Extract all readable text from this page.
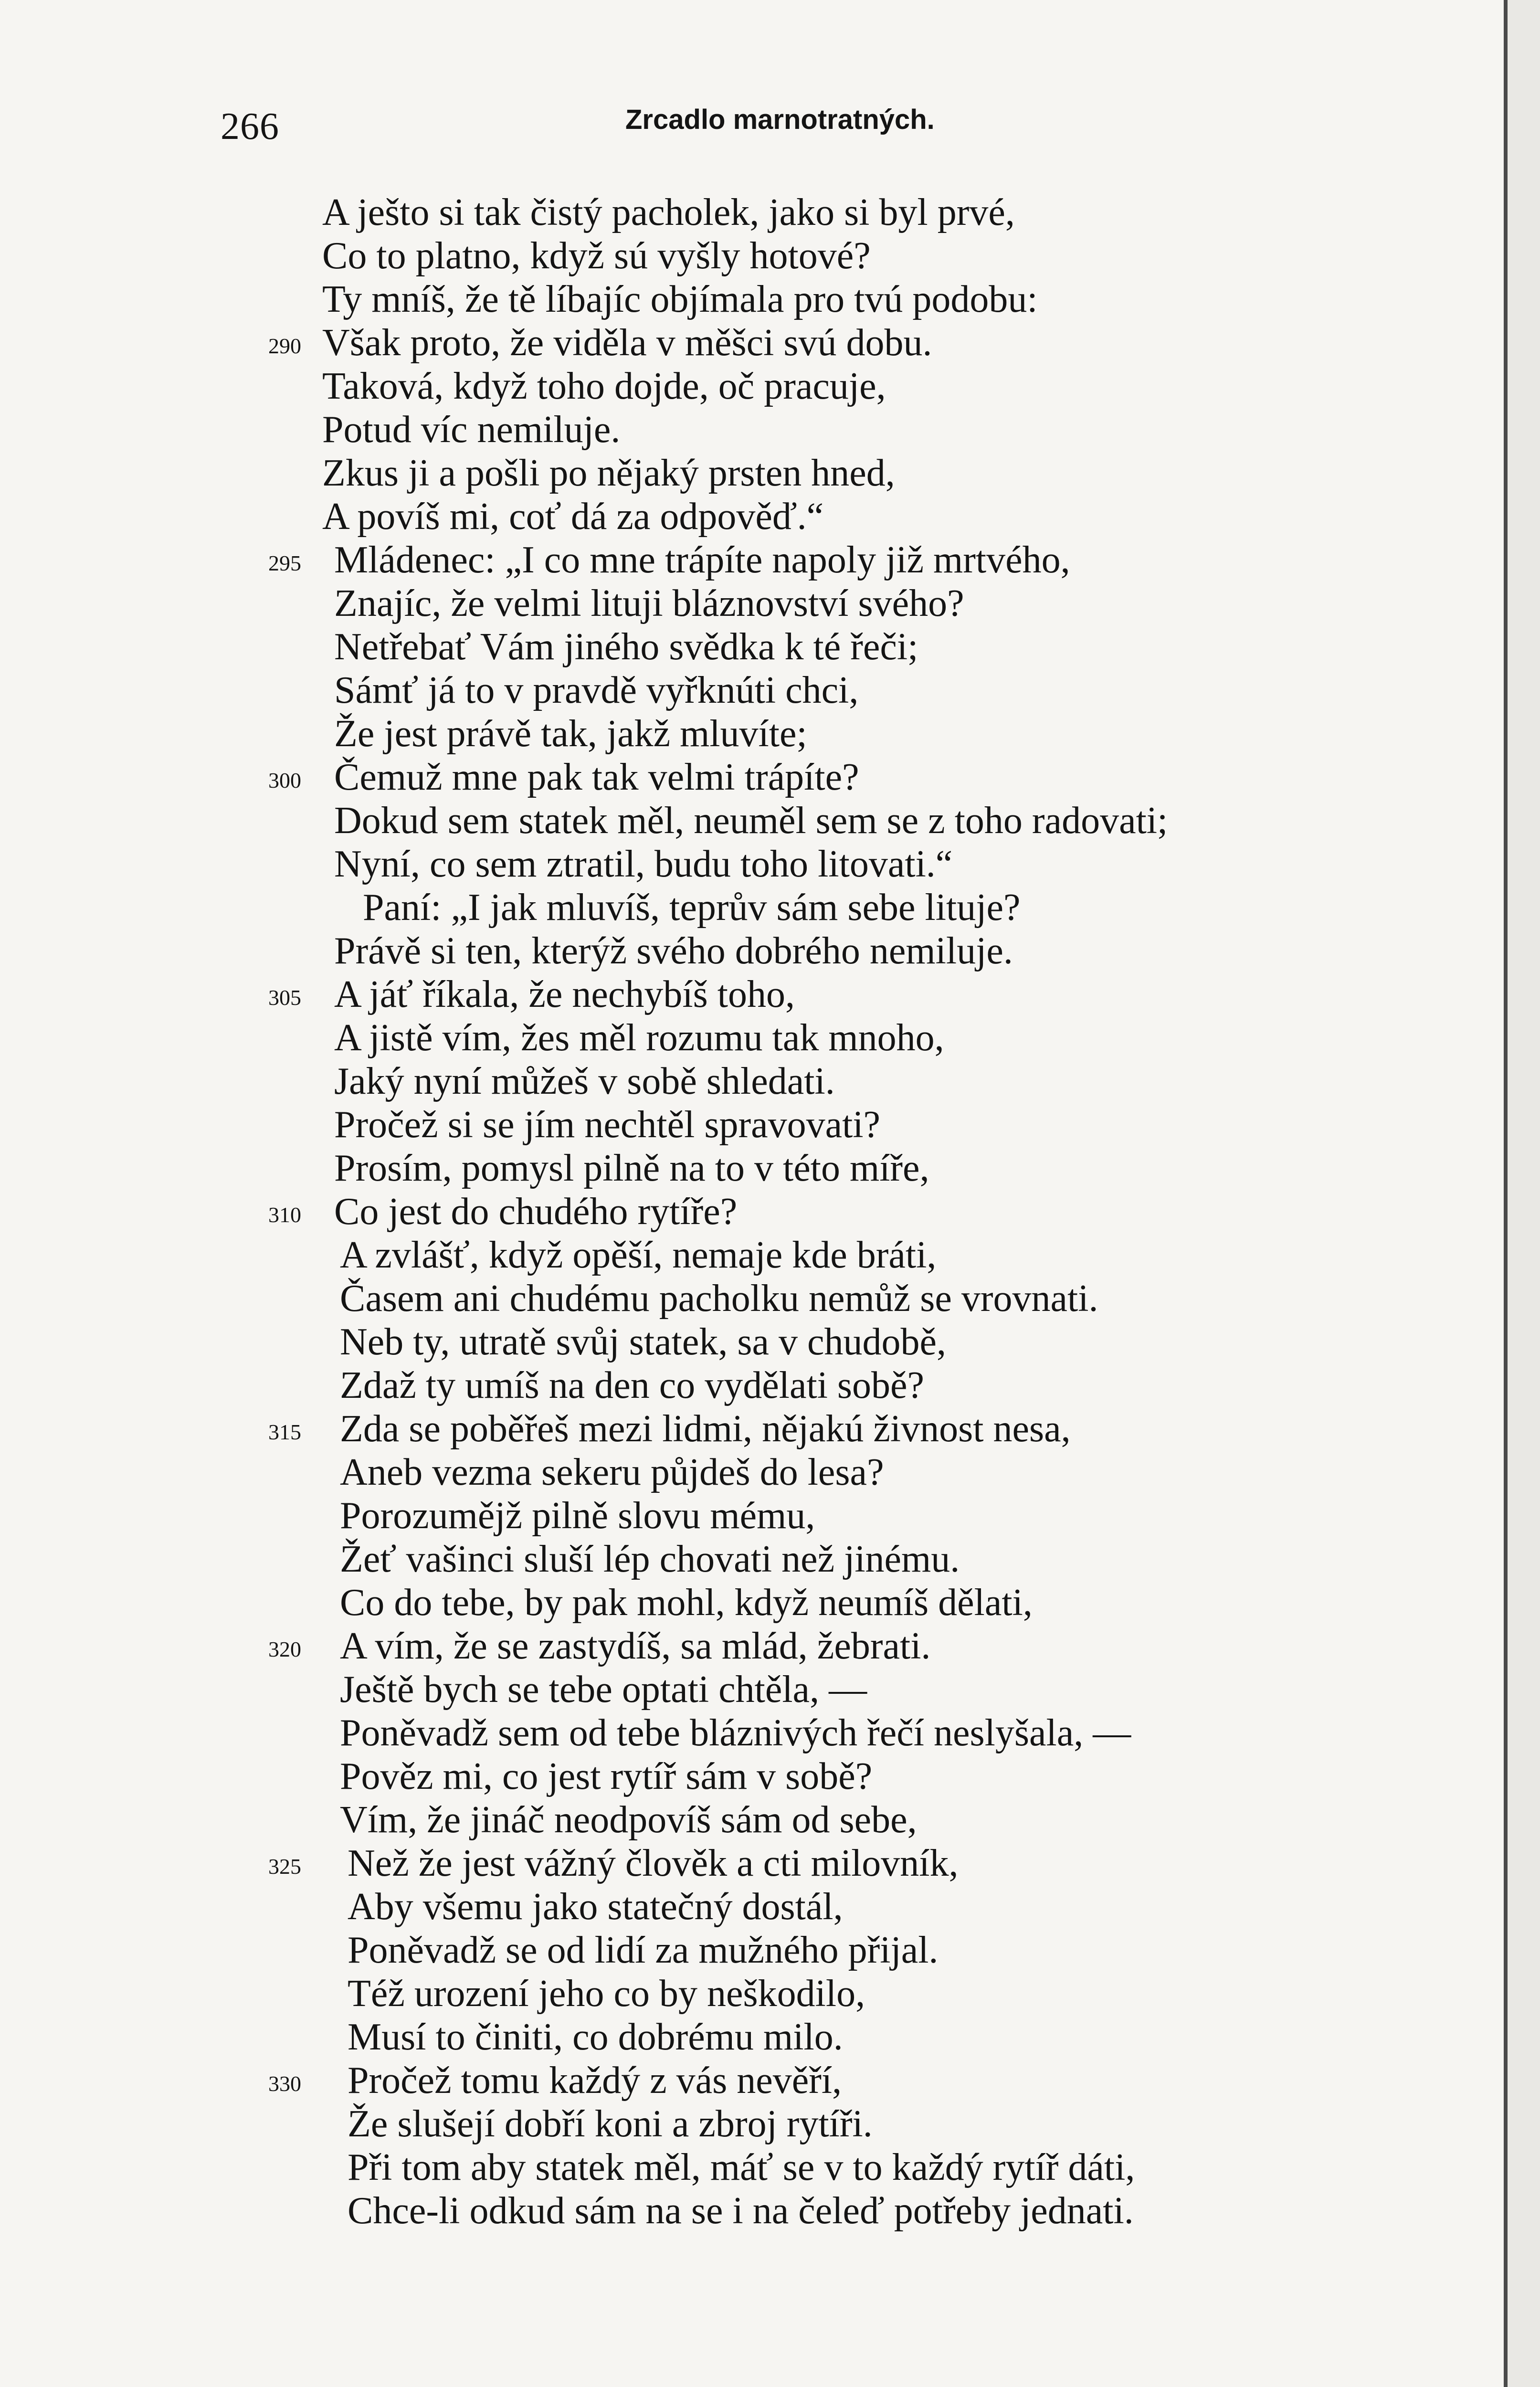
266	Zrcadlo marnotratných.
A ještо si tak čistý pacholek, jako si byl prvé,
Co to platno, když sú vyšly hotové?
Ty mníš, že tě líbajíc objímala pro tvú podobu:
290 Však proto, že viděla v měšci svú dobu.
Taková, když toho dojde, oč pracuje,
Potud víc nemiluje.
Zkus ji a pošli po nějaký prsten hned,
A povíš mi, coť dá za odpověď.“
295 Mládenec: „I co mne trápíte napoly již mrtvého,
Znajíc, že velmi lituji bláznovství svého?
Netřebať Vám jiného svědka k té řeči;
Sámť já to v pravdě vyřknúti chci,
Že jest právě tak, jakž mluvíte;
300 Čemuž mne pak tak velmi trápíte?
Dokud sem statek měl, neuměl sem se z toho radovati;
Nyní, co sem ztratil, budu toho litovati.“
Paní: „I jak mluvíš, teprův sám sebe lituje?
Právě si ten, kterýž svého dobrého nemiluje.
305 A jáť říkala, že nechybíš toho,
A jistě vím, žes měl rozumu tak mnoho,
Jaký nyní můžeš v sobě shledati.
Pročež si se jím nechtěl spravovati?
Prosím, pomysl pilně na to v této míře,
310 Co jest do chudého rytíře?
A zvlášť, když opěší, nemaje kde bráti,
Časem ani chudému pacholku nemůž se vrovnati.
Neb ty, utratě svůj statek, sa v chudobě,
Zdaž ty umíš na den co vydělati sobě?
315 Zda se poběřeš mezi lidmi, nějakú živnost nesa,
Aneb vezma sekeru půjdeš do lesa?
Porozumějž pilně slovu mému,
Žeť vašinci sluší lép chovati než jinému.
Co do tebe, by pak mohl, když neumíš dělati,
320 A vím, že se zastydíš, sa mlád, žebrati.
Ještě bych se tebe optati chtěla, —
Poněvadž sem od tebe bláznivých řečí neslyšala, —
Pověz mi, co jest rytíř sám v sobě?
Vím, že jináč neodpovíš sám od sebe,
325 Než že jest vážný člověk a cti milovník,
Aby všemu jako statečný dostál,
Poněvadž se od lidí za mužného přijal.
Též urození jeho co by neškodilo,
Musí to činiti, co dobrému milo.
330 Pročež tomu každý z vás nevěří,
Že slušejí dobří koni a zbroj rytíři.
Při tom aby statek měl, máť se v to každý rytíř dáti,
Chce-li odkud sám na se i na čeleď potřeby jednati.
